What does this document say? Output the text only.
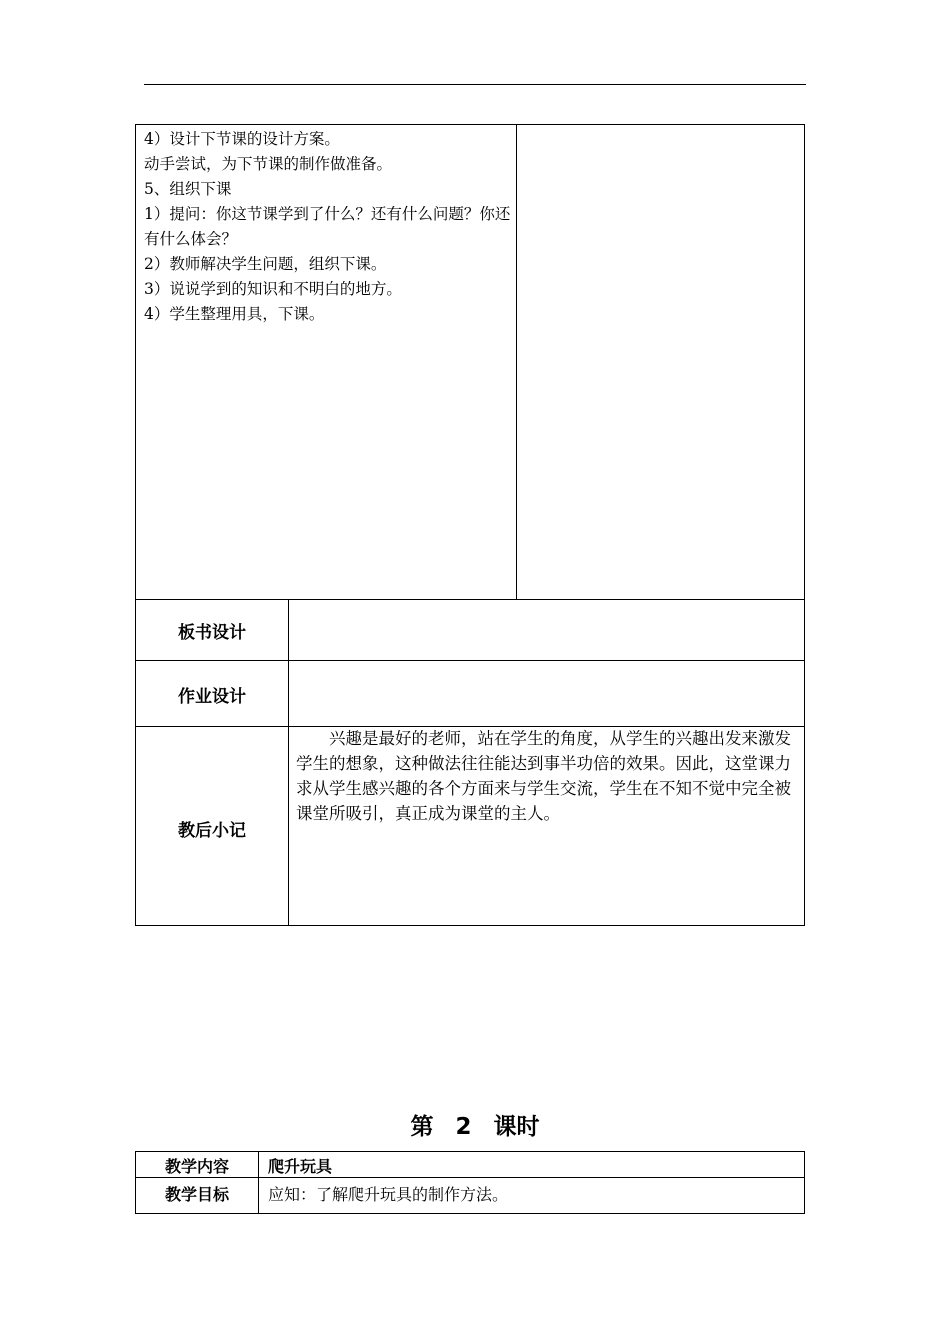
4）设计下节课的设计方案。
动手尝试，为下节课的制作做准备。
5、组织下课
1）提问：你这节课学到了什么？还有什么问题？你还有什么体会？
2）教师解决学生问题，组织下课。
3）说说学到的知识和不明白的地方。
4）学生整理用具，下课。
板书设计
作业设计
教后小记
兴趣是最好的老师，站在学生的角度，从学生的兴趣出发来激发学生的想象，这种做法往往能达到事半功倍的效果。因此，这堂课力求从学生感兴趣的各个方面来与学生交流，学生在不知不觉中完全被课堂所吸引，真正成为课堂的主人。
第 2 课时
教学内容	爬升玩具
教学目标	应知：了解爬升玩具的制作方法。
